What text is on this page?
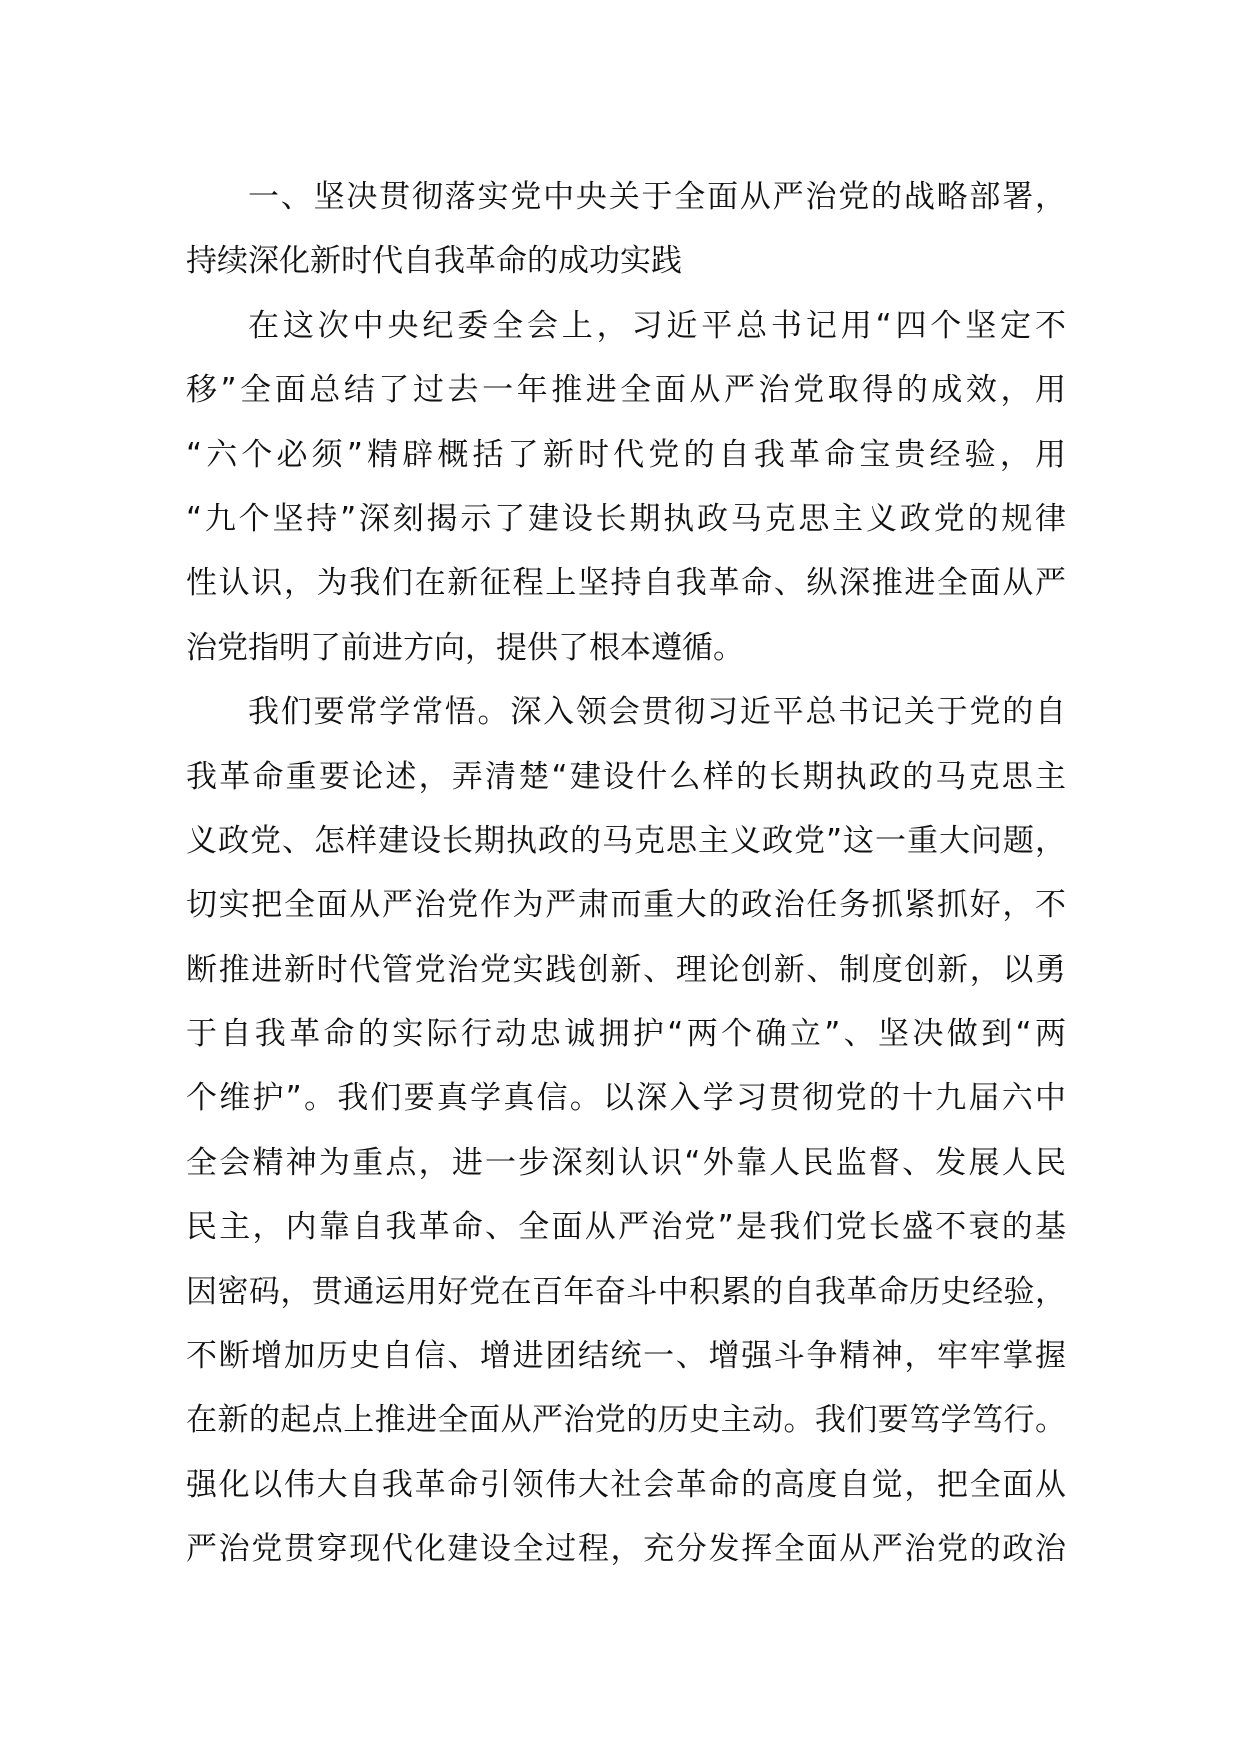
一、坚决贯彻落实党中央关于全面从严治党的战略部署，
持续深化新时代自我革命的成功实践
在这次中央纪委全会上，习近平总书记用“四个坚定不
移”全面总结了过去一年推进全面从严治党取得的成效，用
“六个必须”精辟概括了新时代党的自我革命宝贵经验，用
“九个坚持”深刻揭示了建设长期执政马克思主义政党的规律
性认识，为我们在新征程上坚持自我革命、纵深推进全面从严
治党指明了前进方向，提供了根本遵循。
我们要常学常悟。深入领会贯彻习近平总书记关于党的自
我革命重要论述，弄清楚“建设什么样的长期执政的马克思主
义政党、怎样建设长期执政的马克思主义政党”这一重大问题，
切实把全面从严治党作为严肃而重大的政治任务抓紧抓好，不
断推进新时代管党治党实践创新、理论创新、制度创新，以勇
于自我革命的实际行动忠诚拥护“两个确立”、坚决做到“两
个维护”。我们要真学真信。以深入学习贯彻党的十九届六中
全会精神为重点，进一步深刻认识“外靠人民监督、发展人民
民主，内靠自我革命、全面从严治党”是我们党长盛不衰的基
因密码，贯通运用好党在百年奋斗中积累的自我革命历史经验，
不断增加历史自信、增进团结统一、增强斗争精神，牢牢掌握
在新的起点上推进全面从严治党的历史主动。我们要笃学笃行。
强化以伟大自我革命引领伟大社会革命的高度自觉，把全面从
严治党贯穿现代化建设全过程，充分发挥全面从严治党的政治
